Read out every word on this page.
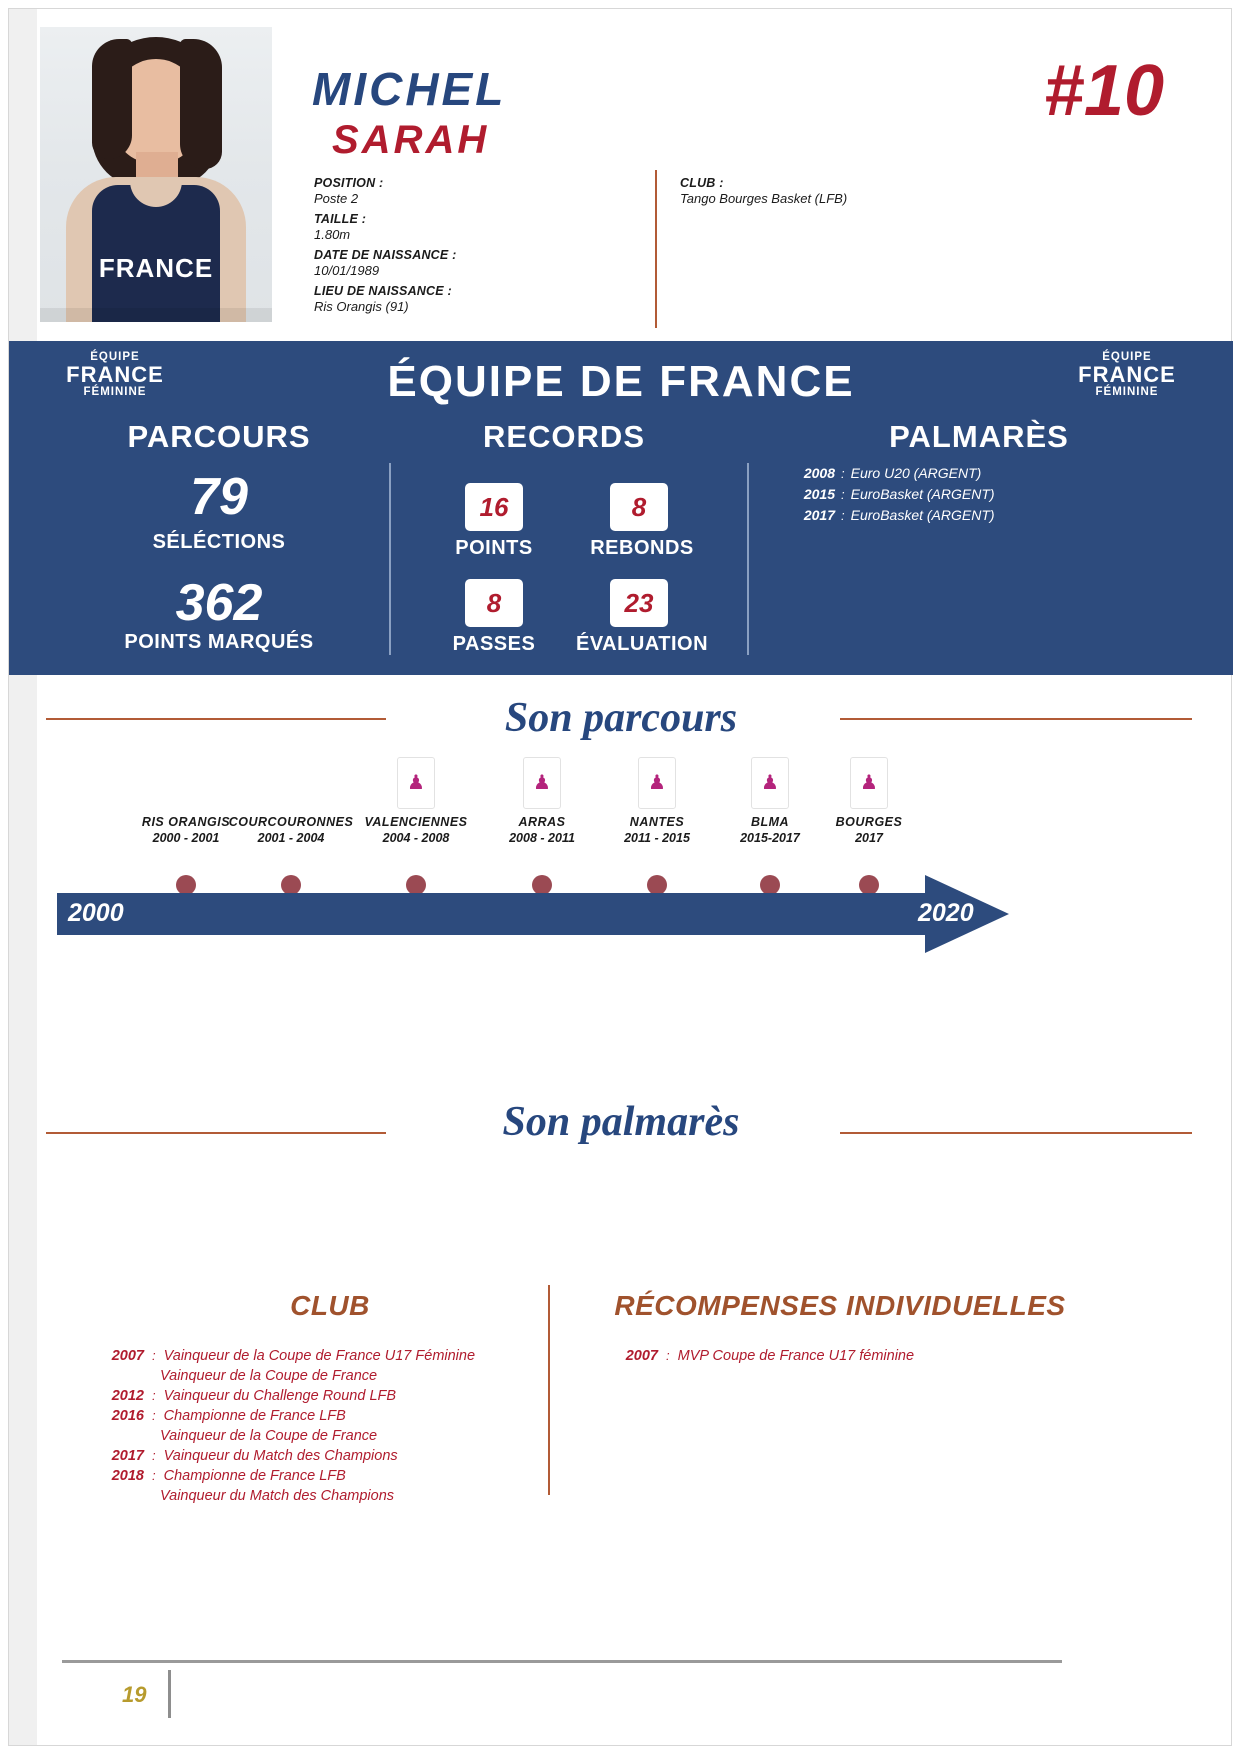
FRANCE
MICHEL
SARAH
#10
POSITION :
Poste 2
TAILLE :
1.80m
DATE DE NAISSANCE :
10/01/1989
LIEU DE NAISSANCE :
Ris Orangis (91)
CLUB :
Tango Bourges Basket (LFB)
ÉQUIPE
FRANCE
FÉMININE
ÉQUIPE
FRANCE
FÉMININE
ÉQUIPE DE FRANCE
PARCOURS	RECORDS	PALMARÈS
79
SÉLÉCTIONS
362
POINTS MARQUÉS
16
POINTS
8
REBONDS
8
PASSES
23
ÉVALUATION
2008 : Euro U20 (ARGENT)
2015 : EuroBasket (ARGENT)
2017 : EuroBasket (ARGENT)
Son parcours
RIS ORANGIS
2000 - 2001
COURCOURONNES
2001 - 2004
♟
VALENCIENNES
2004 - 2008
♟
ARRAS
2008 - 2011
♟
NANTES
2011 - 2015
♟
BLMA
2015-2017
♟
BOURGES
2017
2000	2020
Son palmarès
CLUB	RÉCOMPENSES INDIVIDUELLES
2007 : Vainqueur de la Coupe de France U17 Féminine
Vainqueur de la Coupe de France
2012 : Vainqueur du Challenge Round LFB
2016 : Championne de France LFB
Vainqueur de la Coupe de France
2017 : Vainqueur du Match des Champions
2018 : Championne de France LFB
Vainqueur du Match des Champions
2007 : MVP Coupe de France U17 féminine
19
